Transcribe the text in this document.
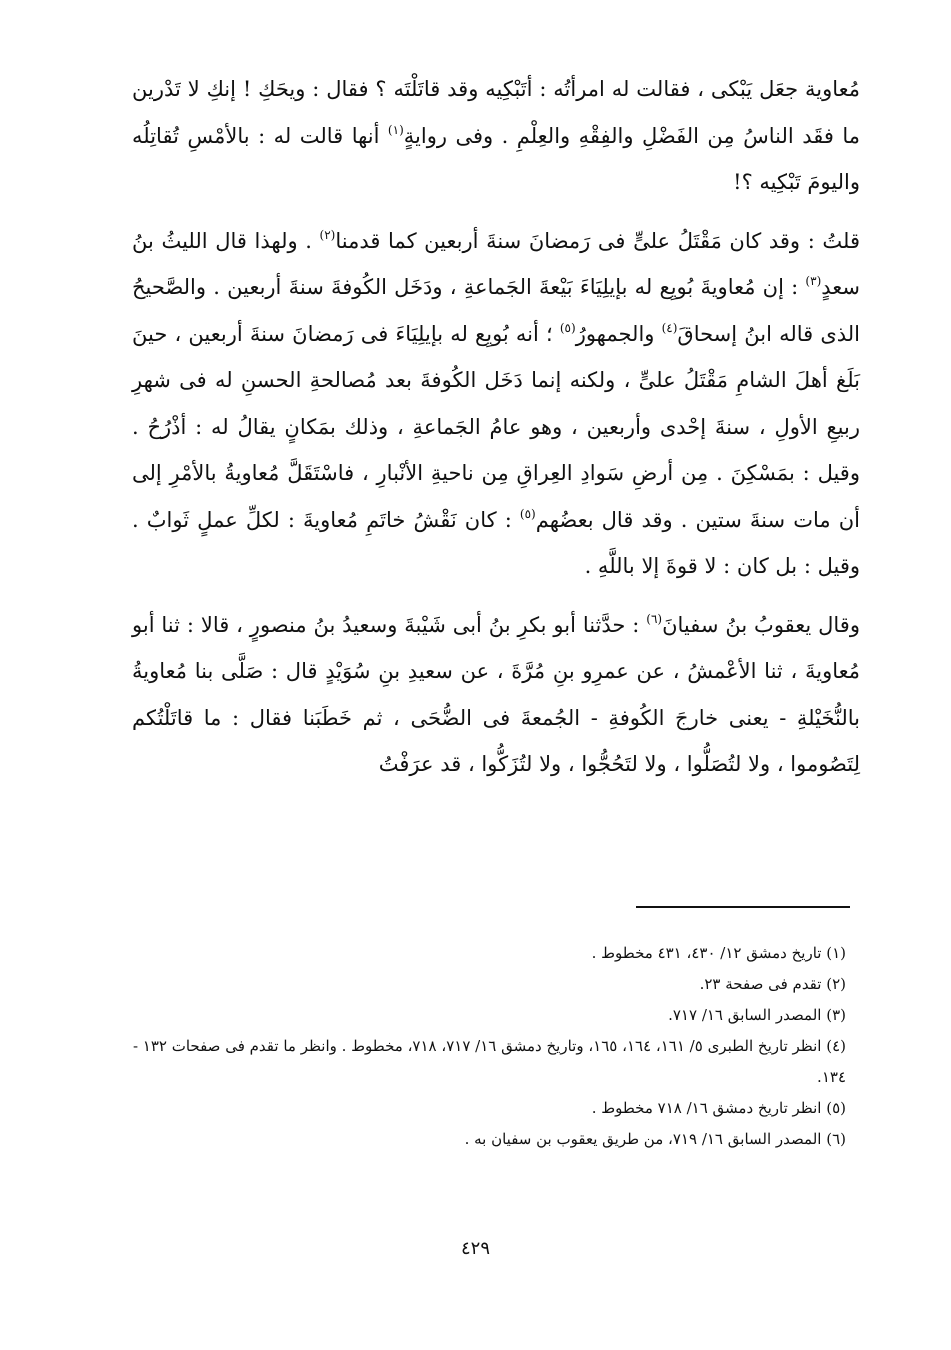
مُعاوية جعَل يَبْكى ، فقالت له امرأتُه : أتَبْكِيه وقد قاتَلْتَه ؟ فقال : ويحَكِ ! إنكِ لا تَدْرين ما فقَد الناسُ مِن الفَضْلِ والفِقْهِ والعِلْمِ . وفى روايةٍ$^{(١)}$ أنها قالت له : بالأمْسِ تُقاتِلُه واليومَ تَبْكِيه ؟!

قلتُ : وقد كان مَقْتَلُ علىٍّ فى رَمضانَ سنةَ أربعين كما قدمنا$^{(٢)}$ . ولهذا قال الليثُ بنُ سعدٍ$^{(٣)}$ : إن مُعاويةَ بُويِع له بإيلِيَاءَ بَيْعةَ الجَماعةِ ، ودَخَل الكُوفةَ سنةَ أربعين . والصَّحيحُ الذى قاله ابنُ إسحاقَ$^{(٤)}$ والجمهورُ$^{(٥)}$ ؛ أنه بُويِع له بإيلِيَاءَ فى رَمضانَ سنةَ أربعين ، حينَ بَلَغ أهلَ الشامِ مَقْتَلُ علىٍّ ، ولكنه إنما دَخَل الكُوفةَ بعد مُصالحةِ الحسنِ له فى شهرِ ربيعِ الأولِ ، سنةَ إحْدى وأربعين ، وهو عامُ الجَماعةِ ، وذلك بمَكانٍ يقالُ له : أذْرُحُ . وقيل : بمَسْكِنَ . مِن أرضِ سَوادِ العِراقِ مِن ناحيةِ الأنْبارِ ، فاسْتَقَلَّ مُعاويةُ بالأمْرِ إلى أن مات سنةَ ستين . وقد قال بعضُهم$^{(٥)}$ : كان نَقْشُ خاتَمِ مُعاويةَ : لكلِّ عملٍ ثَوابٌ . وقيل : بل كان : لا قوةَ إلا باللَّهِ .

وقال يعقوبُ بنُ سفيانَ$^{(٦)}$ : حدَّثنا أبو بكرِ بنُ أبى شَيْبةَ وسعيدُ بنُ منصورٍ ، قالا : ثنا أبو مُعاويةَ ، ثنا الأعْمشُ ، عن عمرِو بنِ مُرَّةَ ، عن سعيدِ بنِ سُوَيْدٍ قال : صَلَّى بنا مُعاويةُ بالنُّخَيْلةِ - يعنى خارجَ الكُوفةِ - الجُمعةَ فى الضُّحَى ، ثم خَطَبَنا فقال : ما قاتَلْتُكم لِتَصُوموا ، ولا لتُصَلُّوا ، ولا لتَحُجُّوا ، ولا لتُزَكُّوا ، قد عرَفْتُ

(١) تاريخ دمشق ١٢/ ٤٣٠، ٤٣١ مخطوط .

(٢) تقدم فى صفحة ٢٣.

(٣) المصدر السابق ١٦/ ٧١٧.

(٤) انظر تاريخ الطبرى ٥/ ١٦١، ١٦٤، ١٦٥، وتاريخ دمشق ١٦/ ٧١٧، ٧١٨، مخطوط . وانظر ما تقدم فى صفحات ١٣٢ - ١٣٤.

(٥) انظر تاريخ دمشق ١٦/ ٧١٨ مخطوط .

(٦) المصدر السابق ١٦/ ٧١٩، من طريق يعقوب بن سفيان به .

٤٢٩
